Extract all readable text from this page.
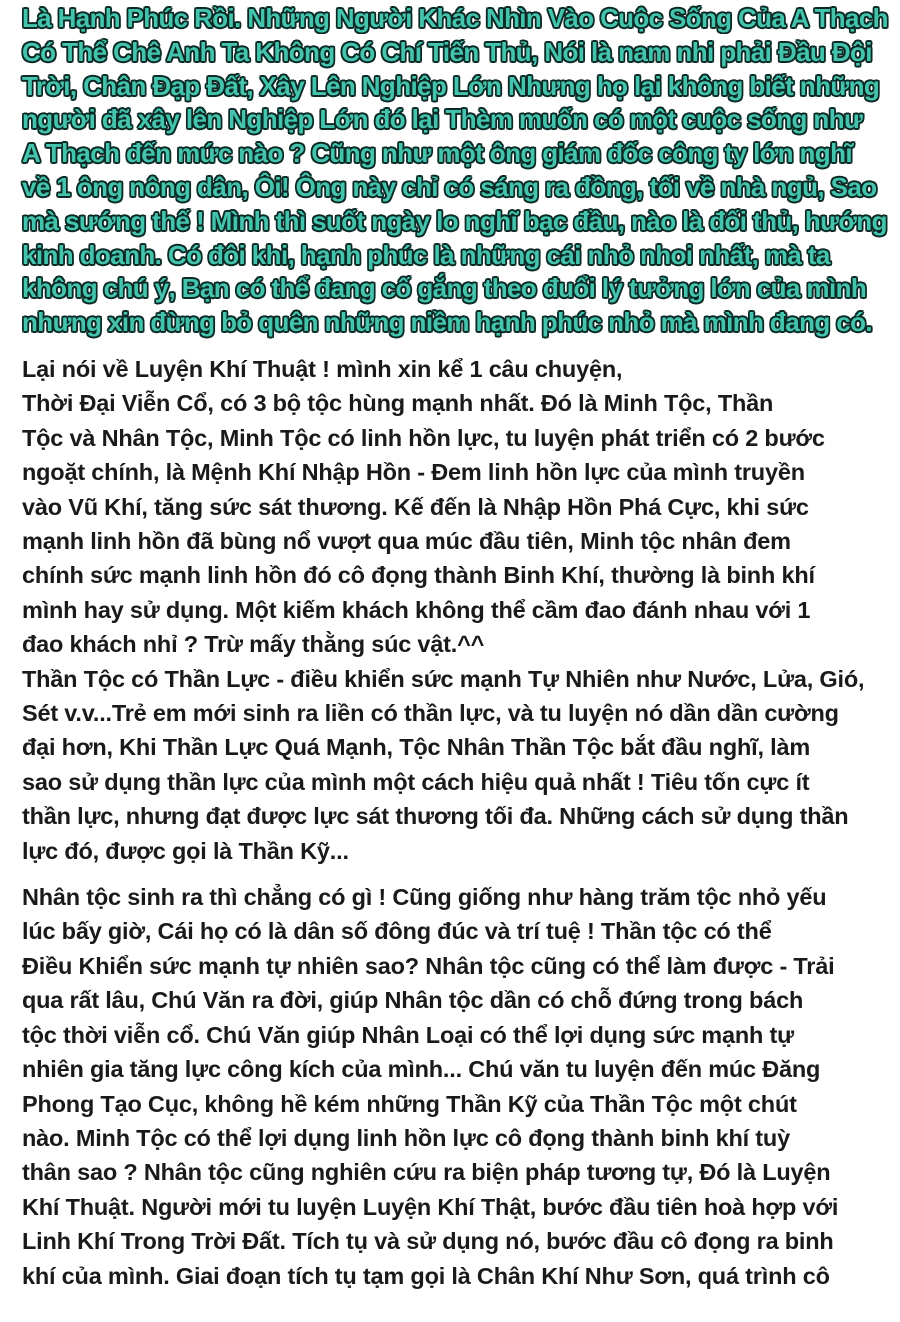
Là Hạnh Phúc Rồi. Những Người Khác Nhìn Vào Cuộc Sống Của A Thạch
Có Thể Chê Anh Ta Không Có Chí Tiến Thủ, Nói là nam nhi phải Đầu Đội
Trời, Chân Đạp Đất, Xây Lên Nghiệp Lớn Nhưng họ lại không biết những
người đã xây lên Nghiệp Lớn đó lại Thèm muốn có một cuộc sống như
A Thạch đến mức nào ? Cũng như một ông giám đốc công ty lớn nghĩ
về 1 ông nông dân, Ôi! Ông này chỉ có sáng ra đồng, tối về nhà ngủ, Sao
mà sướng thế ! Mình thì suốt ngày lo nghĩ bạc đầu, nào là đối thủ, hướng
kinh doanh. Có đôi khi, hạnh phúc là những cái nhỏ nhoi nhất, mà ta
không chú ý, Bạn có thể đang cố gắng theo đuổi lý tưởng lớn của mình
nhưng xin đừng bỏ quên những niềm hạnh phúc nhỏ mà mình đang có.
Lại nói về Luyện Khí Thuật ! mình xin kể 1 câu chuyện,
Thời Đại Viễn Cổ, có 3 bộ tộc hùng mạnh nhất. Đó là Minh Tộc, Thần
Tộc và Nhân Tộc, Minh Tộc có linh hồn lực, tu luyện phát triển có 2 bước
ngoặt chính, là Mệnh Khí Nhập Hồn - Đem linh hồn lực của mình truyền
vào Vũ Khí, tăng sức sát thương. Kế đến là Nhập Hồn Phá Cực, khi sức
mạnh linh hồn đã bùng nổ vượt qua múc đầu tiên, Minh tộc nhân đem
chính sức mạnh linh hồn đó cô đọng thành Binh Khí, thường là binh khí
mình hay sử dụng. Một kiếm khách không thể cầm đao đánh nhau với 1
đao khách nhỉ ? Trừ mấy thằng súc vật.^^
Thần Tộc có Thần Lực - điều khiển sức mạnh Tự Nhiên như Nước, Lửa, Gió,
Sét v.v...Trẻ em mới sinh ra liền có thần lực, và tu luyện nó dần dần cường
đại hơn, Khi Thần Lực Quá Mạnh, Tộc Nhân Thần Tộc bắt đầu nghĩ, làm
sao sử dụng thần lực của mình một cách hiệu quả nhất ! Tiêu tốn cực ít
thần lực, nhưng đạt được lực sát thương tối đa. Những cách sử dụng thần
lực đó, được gọi là Thần Kỹ...
Nhân tộc sinh ra thì chẳng có gì ! Cũng giống như hàng trăm tộc nhỏ yếu
lúc bấy giờ, Cái họ có là dân số đông đúc và trí tuệ ! Thần tộc có thể
Điều Khiển sức mạnh tự nhiên sao? Nhân tộc cũng có thể làm được - Trải
qua rất lâu, Chú Văn ra đời, giúp Nhân tộc dần có chỗ đứng trong bách
tộc thời viễn cổ. Chú Văn giúp Nhân Loại có thể lợi dụng sức mạnh tự
nhiên gia tăng lực công kích của mình... Chú văn tu luyện đến múc Đăng
Phong Tạo Cục, không hề kém những Thần Kỹ của Thần Tộc một chút
nào. Minh Tộc có thể lợi dụng linh hồn lực cô đọng thành binh khí tuỳ
thân sao ? Nhân tộc cũng nghiên cứu ra biện pháp tương tự, Đó là Luyện
Khí Thuật. Người mới tu luyện Luyện Khí Thật, bước đầu tiên hoà hợp với
Linh Khí Trong Trời Đất. Tích tụ và sử dụng nó, bước đầu cô đọng ra binh
khí của mình. Giai đoạn tích tụ tạm gọi là Chân Khí Như Sơn, quá trình cô
